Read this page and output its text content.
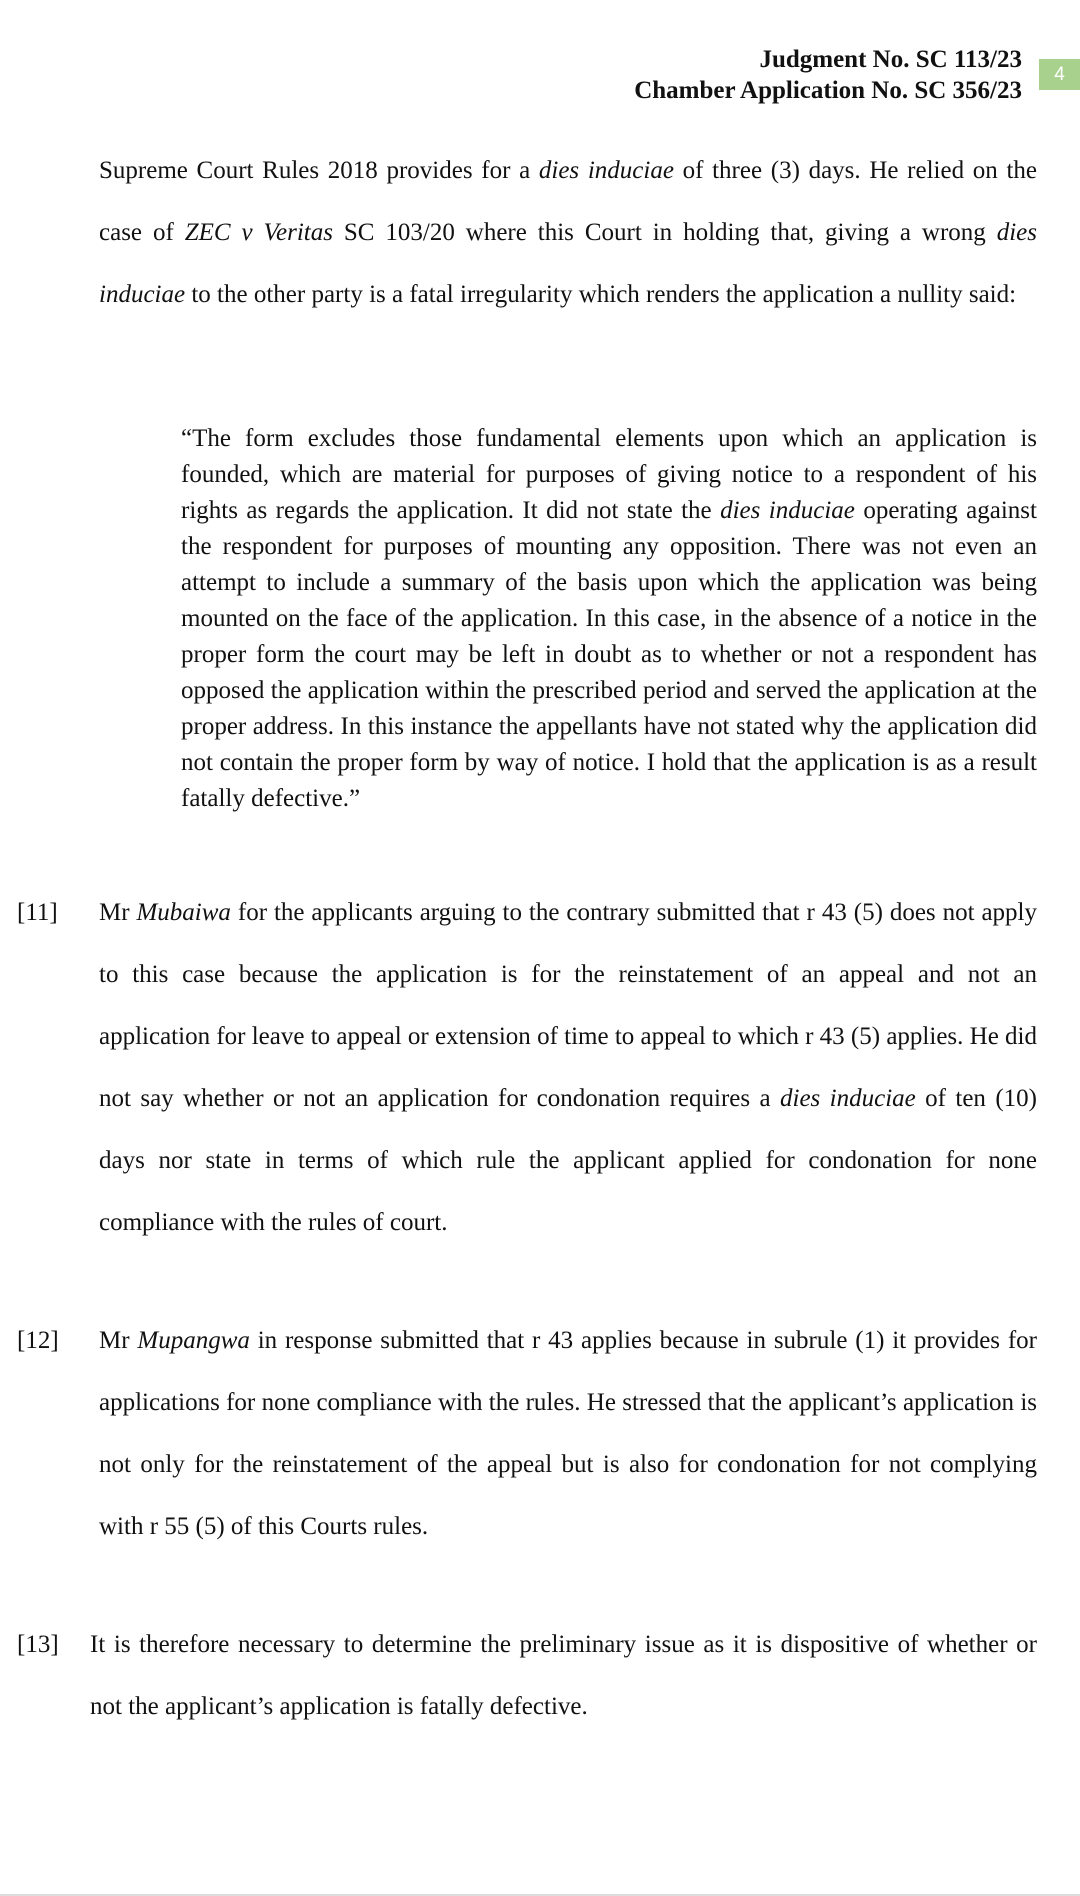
Judgment No. SC 113/23
Chamber Application No. SC 356/23
4

Supreme Court Rules 2018 provides for a dies induciae of three (3) days. He relied on the case of ZEC v Veritas SC 103/20 where this Court in holding that, giving a wrong dies induciae to the other party is a fatal irregularity which renders the application a nullity said:

“The form excludes those fundamental elements upon which an application is founded, which are material for purposes of giving notice to a respondent of his rights as regards the application. It did not state the dies induciae operating against the respondent for purposes of mounting any opposition. There was not even an attempt to include a summary of the basis upon which the application was being mounted on the face of the application. In this case, in the absence of a notice in the proper form the court may be left in doubt as to whether or not a respondent has opposed the application within the prescribed period and served the application at the proper address. In this instance the appellants have not stated why the application did not contain the proper form by way of notice. I hold that the application is as a result fatally defective.”

[11] Mr Mubaiwa for the applicants arguing to the contrary submitted that r 43 (5) does not apply to this case because the application is for the reinstatement of an appeal and not an application for leave to appeal or extension of time to appeal to which r 43 (5) applies. He did not say whether or not an application for condonation requires a dies induciae of ten (10) days nor state in terms of which rule the applicant applied for condonation for none compliance with the rules of court.

[12] Mr Mupangwa in response submitted that r 43 applies because in subrule (1) it provides for applications for none compliance with the rules. He stressed that the applicant’s application is not only for the reinstatement of the appeal but is also for condonation for not complying with r 55 (5) of this Courts rules.

[13] It is therefore necessary to determine the preliminary issue as it is dispositive of whether or not the applicant’s application is fatally defective.
